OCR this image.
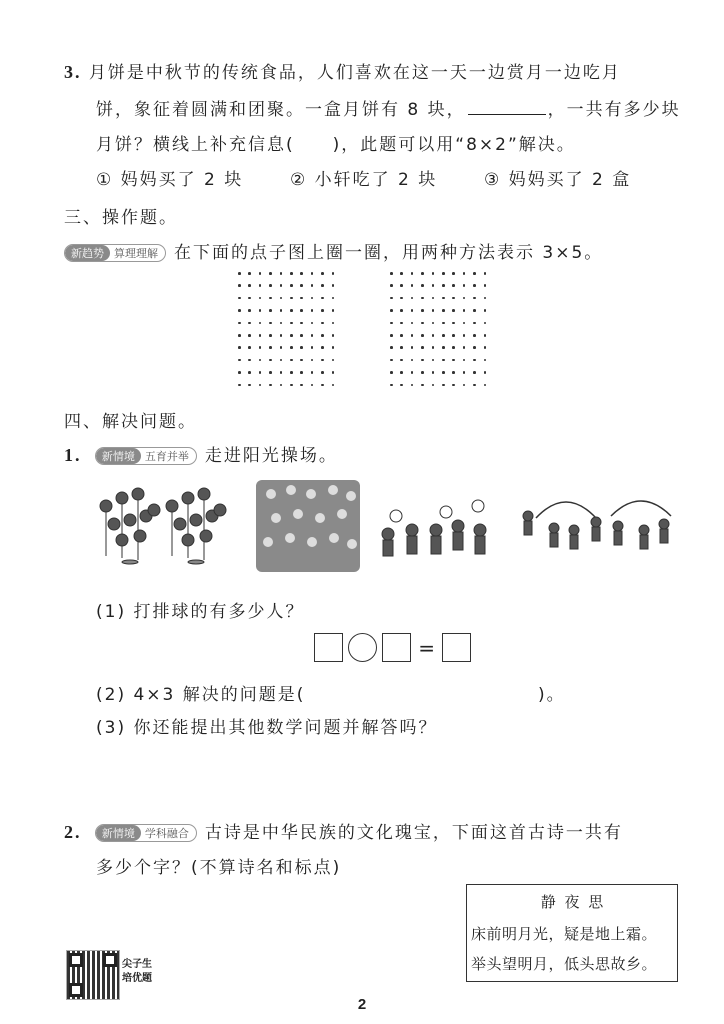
3. 月饼是中秋节的传统食品，人们喜欢在这一天一边赏月一边吃月
饼，象征着圆满和团聚。一盒月饼有 8 块，	，一共有多少块
月饼？横线上补充信息(　　)，此题可以用“8×2”解决。
① 妈妈买了 2 块	② 小轩吃了 2 块	③ 妈妈买了 2 盒
三、操作题。
新趋势 算理理解 在下面的点子图上圈一圈，用两种方法表示 3×5。
四、解决问题。
1.	新情境 五育并举 走进阳光操场。
(1) 打排球的有多少人？
=
(2) 4×3 解决的问题是(	)。
(3) 你还能提出其他数学问题并解答吗？
2.	新情境 学科融合 古诗是中华民族的文化瑰宝，下面这首古诗一共有
多少个字？(不算诗名和标点)
静 夜 思
床前明月光，疑是地上霜。
举头望明月，低头思故乡。
尖子生
培优题
2
